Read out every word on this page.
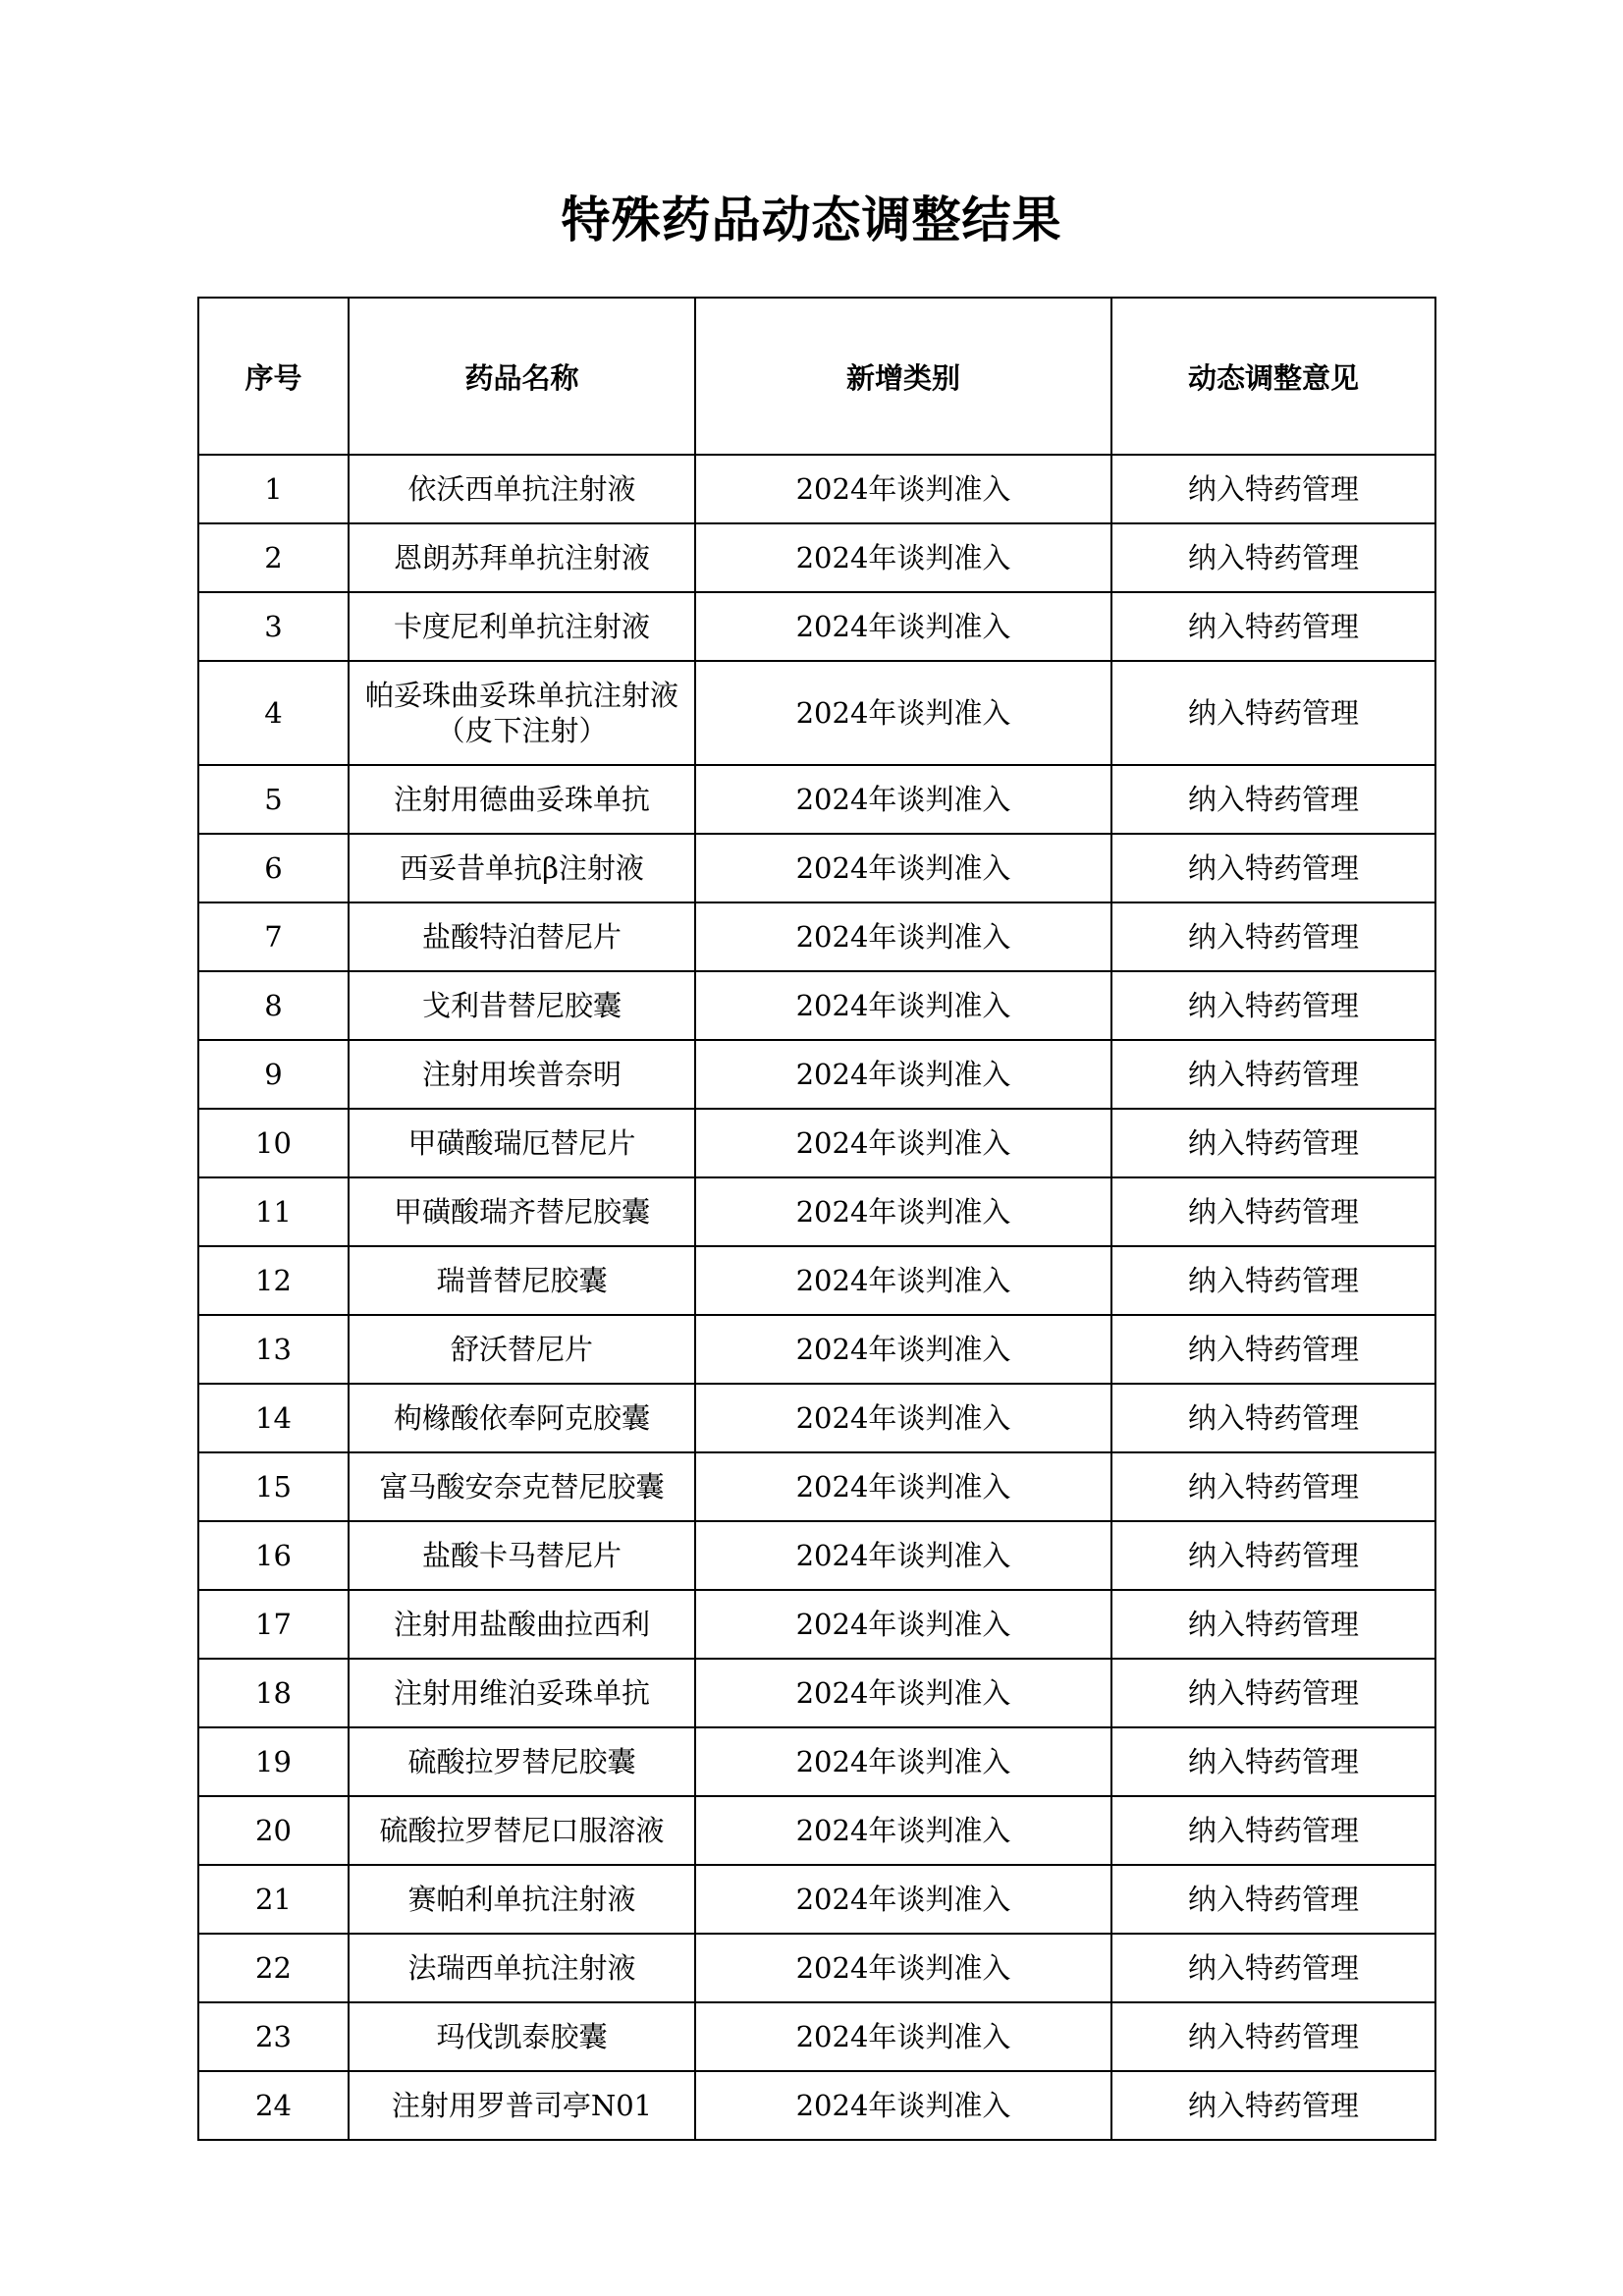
特殊药品动态调整结果
序号	药品名称	新增类别	动态调整意见
1	依沃西单抗注射液	2024年谈判准入	纳入特药管理
2	恩朗苏拜单抗注射液	2024年谈判准入	纳入特药管理
3	卡度尼利单抗注射液	2024年谈判准入	纳入特药管理
4	帕妥珠曲妥珠单抗注射液（皮下注射）	2024年谈判准入	纳入特药管理
5	注射用德曲妥珠单抗	2024年谈判准入	纳入特药管理
6	西妥昔单抗β注射液	2024年谈判准入	纳入特药管理
7	盐酸特泊替尼片	2024年谈判准入	纳入特药管理
8	戈利昔替尼胶囊	2024年谈判准入	纳入特药管理
9	注射用埃普奈明	2024年谈判准入	纳入特药管理
10	甲磺酸瑞厄替尼片	2024年谈判准入	纳入特药管理
11	甲磺酸瑞齐替尼胶囊	2024年谈判准入	纳入特药管理
12	瑞普替尼胶囊	2024年谈判准入	纳入特药管理
13	舒沃替尼片	2024年谈判准入	纳入特药管理
14	枸橼酸依奉阿克胶囊	2024年谈判准入	纳入特药管理
15	富马酸安奈克替尼胶囊	2024年谈判准入	纳入特药管理
16	盐酸卡马替尼片	2024年谈判准入	纳入特药管理
17	注射用盐酸曲拉西利	2024年谈判准入	纳入特药管理
18	注射用维泊妥珠单抗	2024年谈判准入	纳入特药管理
19	硫酸拉罗替尼胶囊	2024年谈判准入	纳入特药管理
20	硫酸拉罗替尼口服溶液	2024年谈判准入	纳入特药管理
21	赛帕利单抗注射液	2024年谈判准入	纳入特药管理
22	法瑞西单抗注射液	2024年谈判准入	纳入特药管理
23	玛伐凯泰胶囊	2024年谈判准入	纳入特药管理
24	注射用罗普司亭N01	2024年谈判准入	纳入特药管理
